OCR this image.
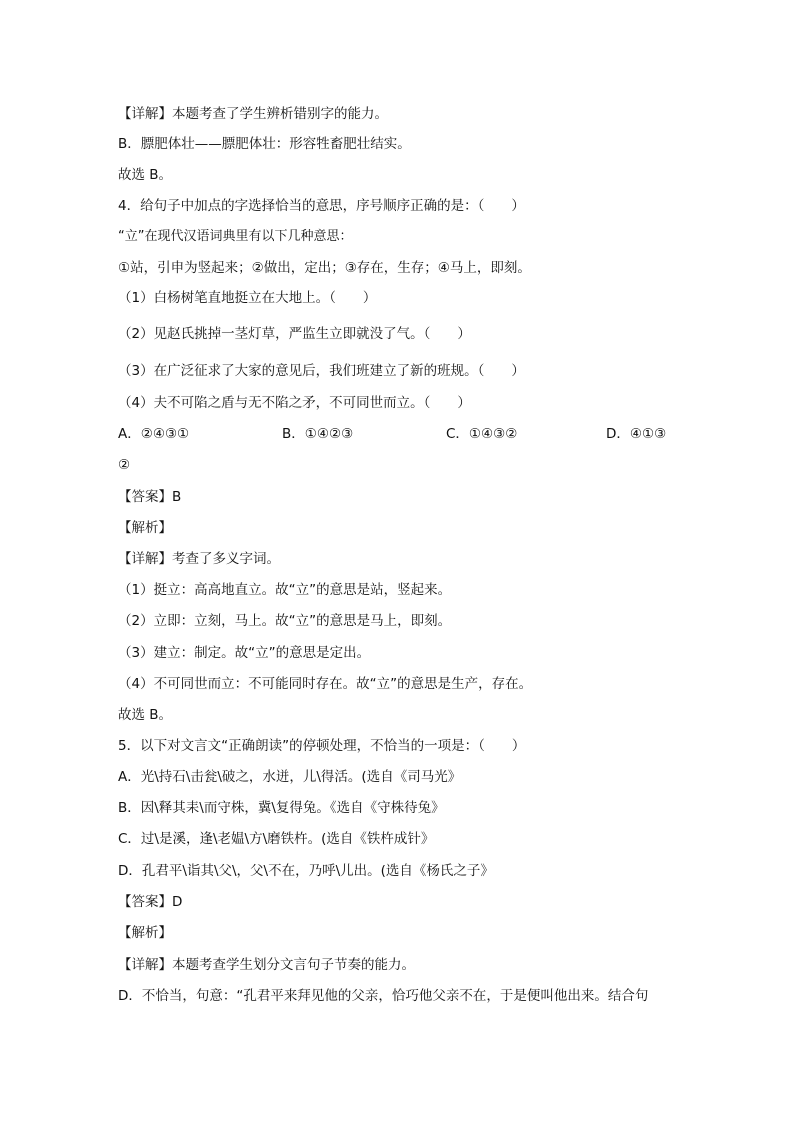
【详解】本题考查了学生辨析错别字的能力。
B．膘肥体壮——膘肥体壮：形容牲畜肥壮结实。
故选 B。
4．给句子中加点的字选择恰当的意思，序号顺序正确的是：（　　）
“立”在现代汉语词典里有以下几种意思：
①站，引申为竖起来；②做出，定出；③存在，生存；④马上，即刻。
（1）白杨树笔直地挺立在大地上。（　　）
（2）见赵氏挑掉一茎灯草，严监生立即就没了气。（　　）
（3）在广泛征求了大家的意见后，我们班建立了新的班规。（　　）
（4）夫不可陷之盾与无不陷之矛，不可同世而立。（　　）
A．②④③①	B．①④②③	C．①④③②	D．④①③
②
【答案】B
【解析】
【详解】考查了多义字词。
（1）挺立：高高地直立。故“立”的意思是站，竖起来。
（2）立即：立刻，马上。故“立”的意思是马上，即刻。
（3）建立：制定。故“立”的意思是定出。
（4）不可同世而立：不可能同时存在。故“立”的意思是生产，存在。
故选 B。
5．以下对文言文“正确朗读”的停顿处理，不恰当的一项是：（　　）
A．光\持石\击瓮\破之，水迸，儿\得活。(选自《司马光》
B．因\释其耒\而守株，冀\复得兔。《选自《守株待兔》
C．过\是溪，逢\老媪\方\磨铁杵。(选自《铁杵成针》
D．孔君平\诣其\父\，父\不在，乃呼\儿出。(选自《杨氏之子》
【答案】D
【解析】
【详解】本题考查学生划分文言句子节奏的能力。
D．不恰当，句意：“孔君平来拜见他的父亲，恰巧他父亲不在，于是便叫他出来。结合句
